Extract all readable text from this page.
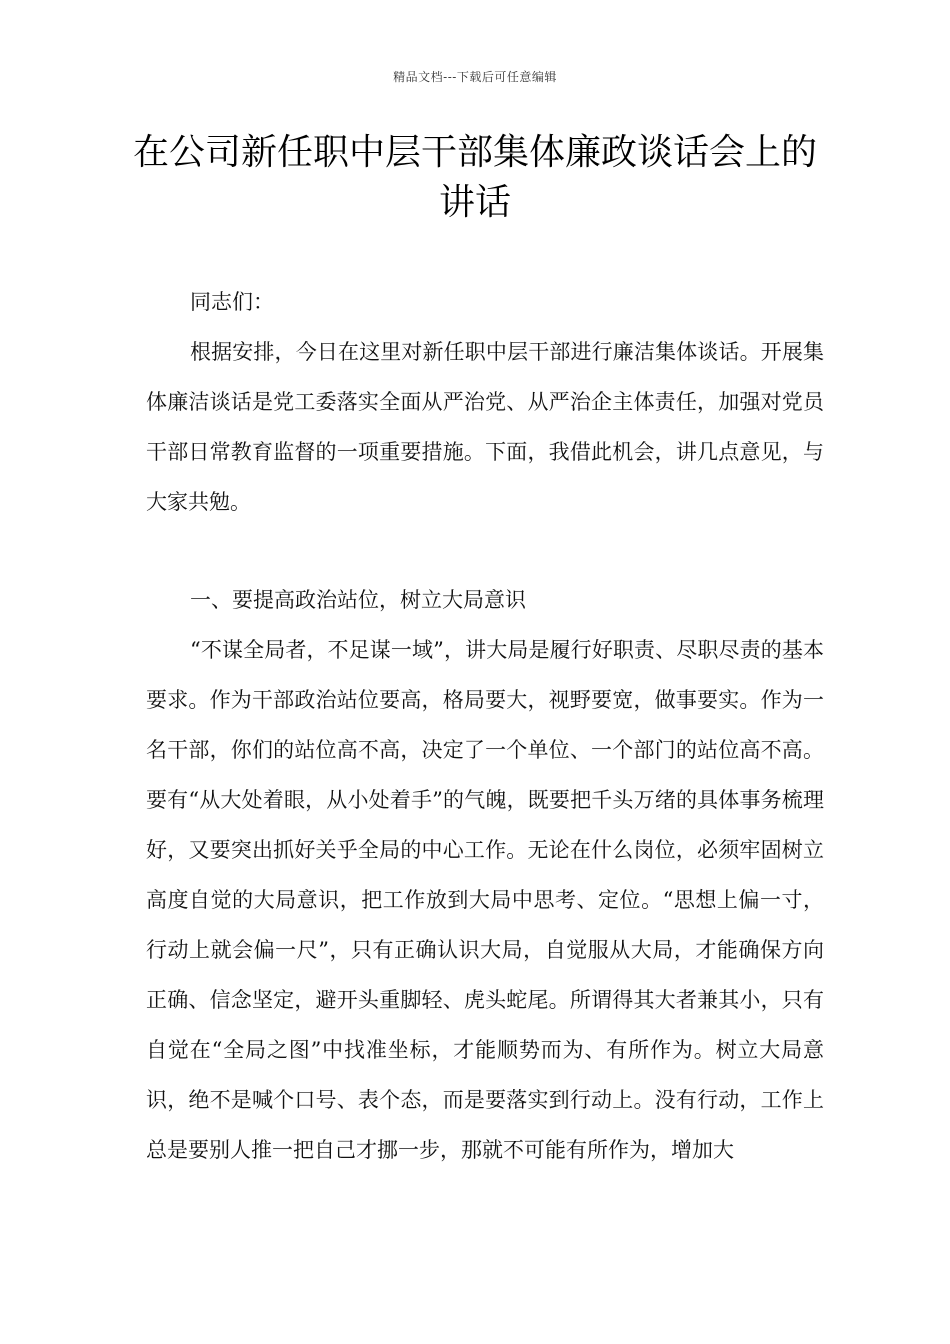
精品文档---下载后可任意编辑
在公司新任职中层干部集体廉政谈话会上的讲话

同志们：

根据安排，今日在这里对新任职中层干部进行廉洁集体谈话。开展集体廉洁谈话是党工委落实全面从严治党、从严治企主体责任，加强对党员干部日常教育监督的一项重要措施。下面，我借此机会，讲几点意见，与大家共勉。

一、要提高政治站位，树立大局意识

“不谋全局者，不足谋一域”，讲大局是履行好职责、尽职尽责的基本要求。作为干部政治站位要高，格局要大，视野要宽，做事要实。作为一名干部，你们的站位高不高，决定了一个单位、一个部门的站位高不高。要有“从大处着眼，从小处着手”的气魄，既要把千头万绪的具体事务梳理好，又要突出抓好关乎全局的中心工作。无论在什么岗位，必须牢固树立高度自觉的大局意识，把工作放到大局中思考、定位。“思想上偏一寸，行动上就会偏一尺”，只有正确认识大局，自觉服从大局，才能确保方向正确、信念坚定，避开头重脚轻、虎头蛇尾。所谓得其大者兼其小，只有自觉在“全局之图”中找准坐标，才能顺势而为、有所作为。树立大局意识，绝不是喊个口号、表个态，而是要落实到行动上。没有行动，工作上总是要别人推一把自己才挪一步，那就不可能有所作为，增加大
